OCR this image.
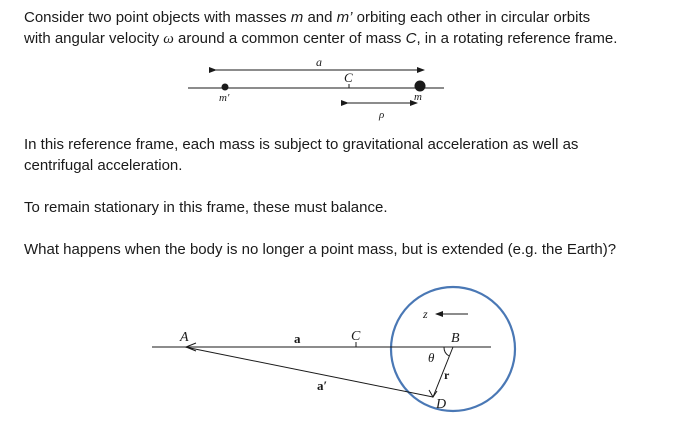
Consider two point objects with masses m and m’ orbiting each other in circular orbits
with angular velocity ω around a common center of mass C, in a rotating reference frame.

a
C
m′	m
ρ

In this reference frame, each mass is subject to gravitational acceleration as well as
centrifugal acceleration.

To remain stationary in this frame, these must balance.

What happens when the body is no longer a point mass, but is extended (e.g. the Earth)?

A	a	C
z
B
θ
r
a′
D
